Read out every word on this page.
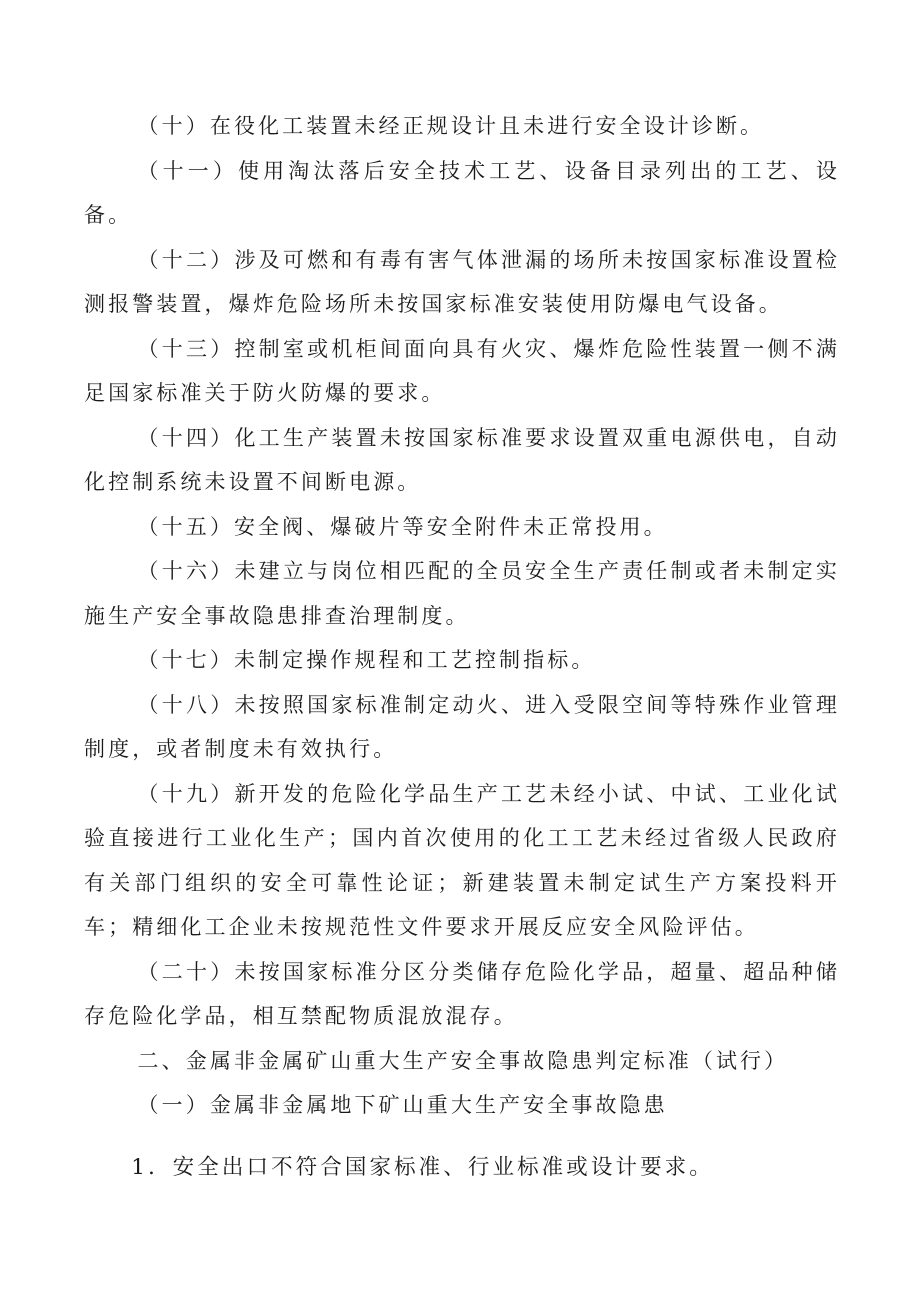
（十）在役化工装置未经正规设计且未进行安全设计诊断。

（十一）使用淘汰落后安全技术工艺、设备目录列出的工艺、设备。

（十二）涉及可燃和有毒有害气体泄漏的场所未按国家标准设置检测报警装置，爆炸危险场所未按国家标准安装使用防爆电气设备。

（十三）控制室或机柜间面向具有火灾、爆炸危险性装置一侧不满足国家标准关于防火防爆的要求。

（十四）化工生产装置未按国家标准要求设置双重电源供电，自动化控制系统未设置不间断电源。

（十五）安全阀、爆破片等安全附件未正常投用。

（十六）未建立与岗位相匹配的全员安全生产责任制或者未制定实施生产安全事故隐患排查治理制度。

（十七）未制定操作规程和工艺控制指标。

（十八）未按照国家标准制定动火、进入受限空间等特殊作业管理制度，或者制度未有效执行。

（十九）新开发的危险化学品生产工艺未经小试、中试、工业化试验直接进行工业化生产；国内首次使用的化工工艺未经过省级人民政府有关部门组织的安全可靠性论证；新建装置未制定试生产方案投料开车；精细化工企业未按规范性文件要求开展反应安全风险评估。

（二十）未按国家标准分区分类储存危险化学品，超量、超品种储存危险化学品，相互禁配物质混放混存。

二、金属非金属矿山重大生产安全事故隐患判定标准（试行）

（一）金属非金属地下矿山重大生产安全事故隐患

1．安全出口不符合国家标准、行业标准或设计要求。
